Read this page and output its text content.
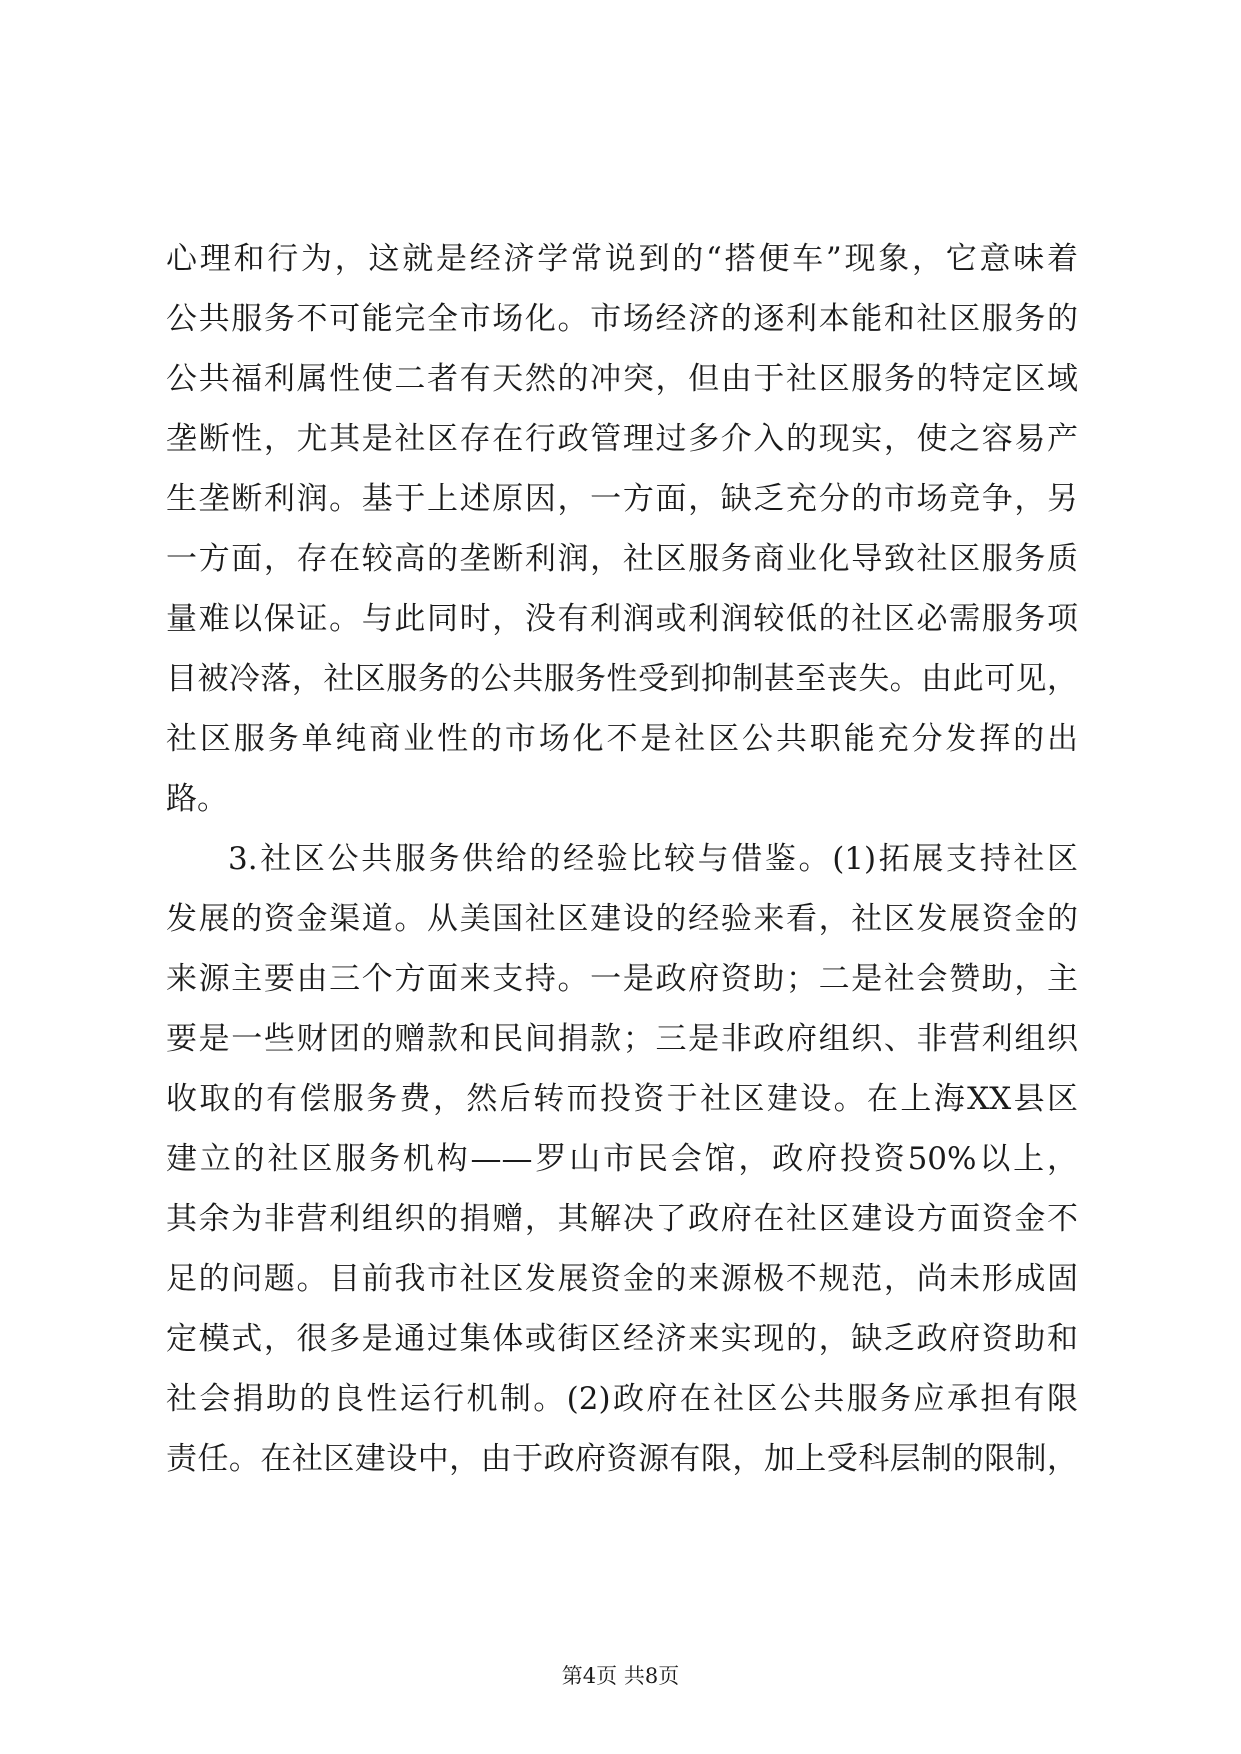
心理和行为，这就是经济学常说到的“搭便车”现象，它意味着
公共服务不可能完全市场化。市场经济的逐利本能和社区服务的
公共福利属性使二者有天然的冲突，但由于社区服务的特定区域
垄断性，尤其是社区存在行政管理过多介入的现实，使之容易产
生垄断利润。基于上述原因，一方面，缺乏充分的市场竞争，另
一方面，存在较高的垄断利润，社区服务商业化导致社区服务质
量难以保证。与此同时，没有利润或利润较低的社区必需服务项
目被冷落，社区服务的公共服务性受到抑制甚至丧失。由此可见，
社区服务单纯商业性的市场化不是社区公共职能充分发挥的出
路。
3.社区公共服务供给的经验比较与借鉴。(1)拓展支持社区
发展的资金渠道。从美国社区建设的经验来看，社区发展资金的
来源主要由三个方面来支持。一是政府资助；二是社会赞助，主
要是一些财团的赠款和民间捐款；三是非政府组织、非营利组织
收取的有偿服务费，然后转而投资于社区建设。在上海XX县区
建立的社区服务机构——罗山市民会馆，政府投资50%以上，
其余为非营利组织的捐赠，其解决了政府在社区建设方面资金不
足的问题。目前我市社区发展资金的来源极不规范，尚未形成固
定模式，很多是通过集体或街区经济来实现的，缺乏政府资助和
社会捐助的良性运行机制。(2)政府在社区公共服务应承担有限
责任。在社区建设中，由于政府资源有限，加上受科层制的限制，
第4页 共8页
